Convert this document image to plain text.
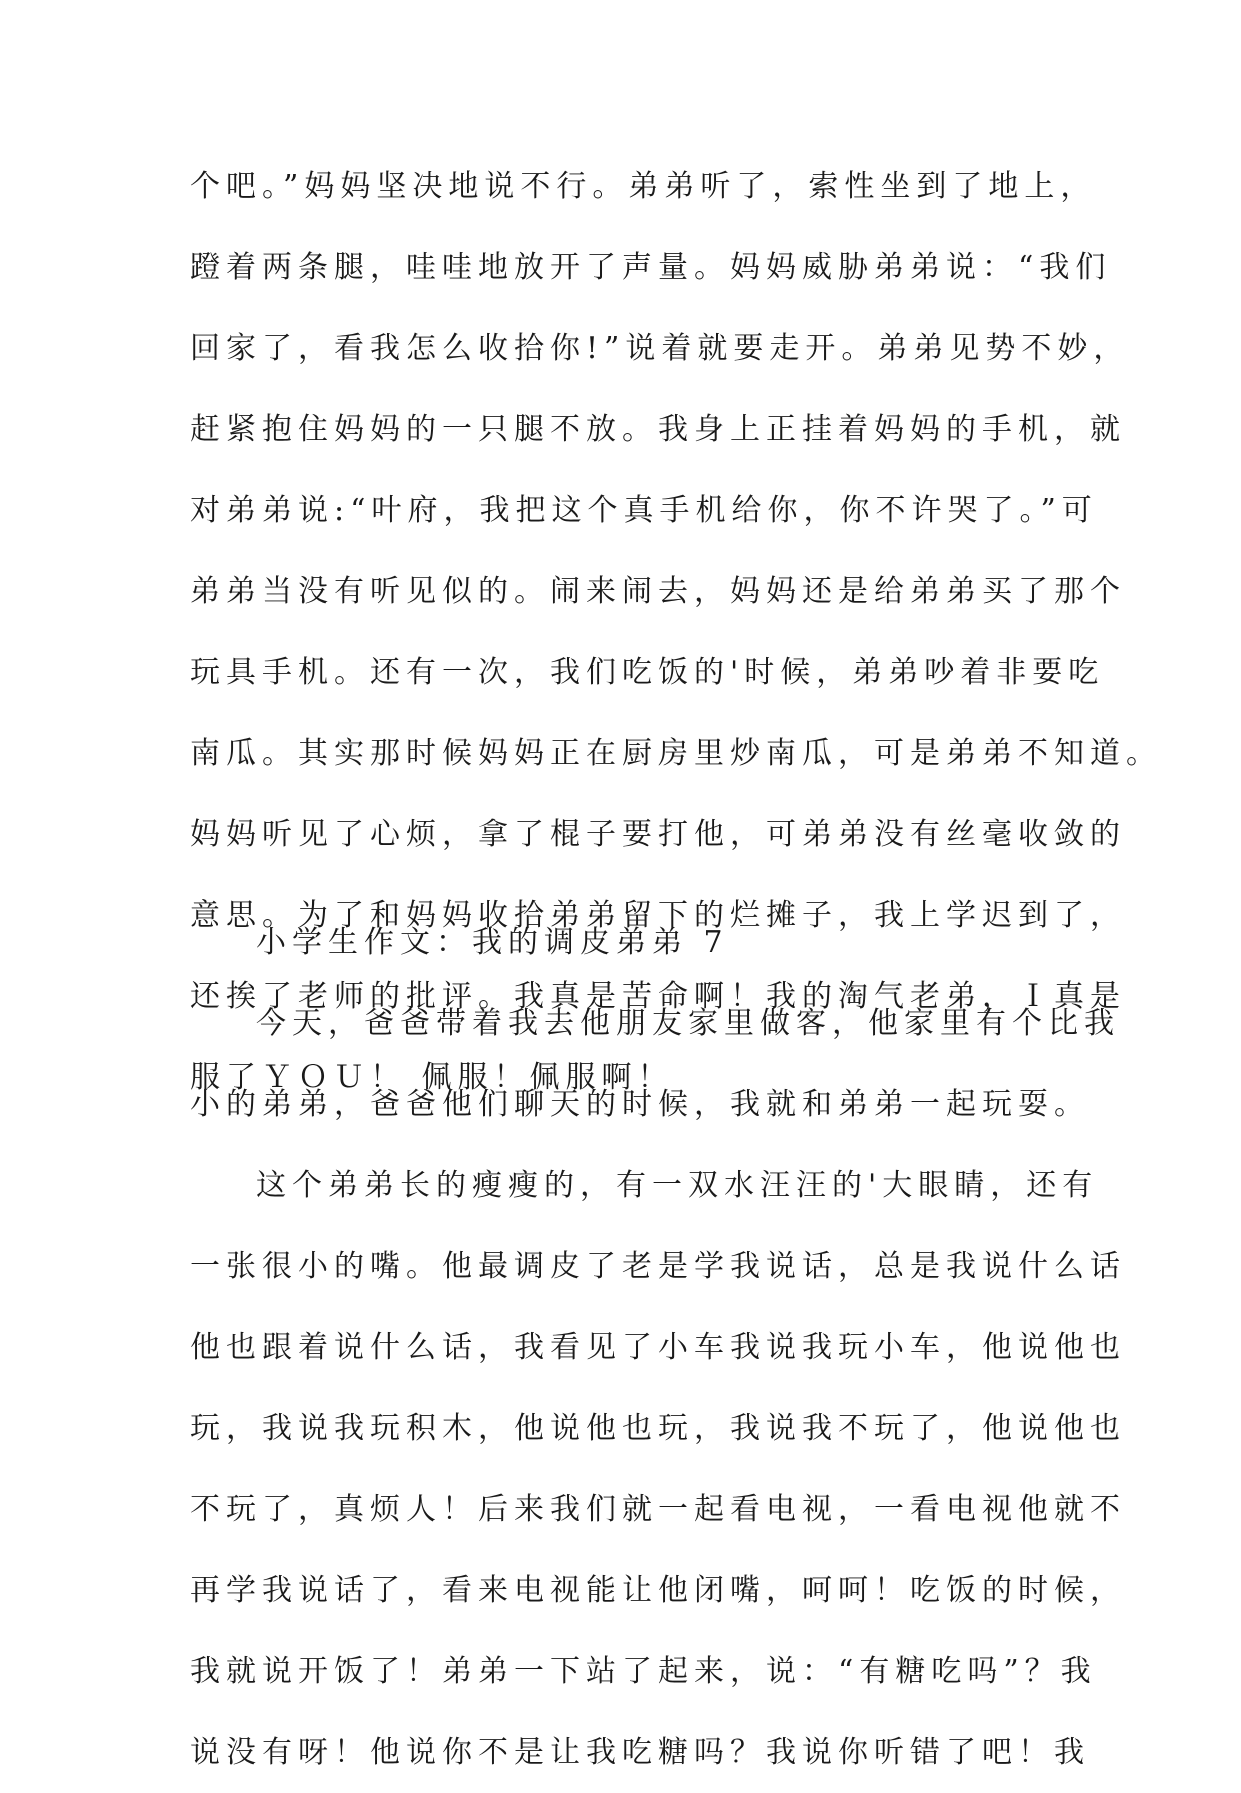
个吧。”妈妈坚决地说不行。弟弟听了，索性坐到了地上，
蹬着两条腿，哇哇地放开了声量。妈妈威胁弟弟说：“我们
回家了，看我怎么收拾你!”说着就要走开。弟弟见势不妙，
赶紧抱住妈妈的一只腿不放。我身上正挂着妈妈的手机，就
对弟弟说:“叶府，我把这个真手机给你，你不许哭了。”可
弟弟当没有听见似的。闹来闹去，妈妈还是给弟弟买了那个
玩具手机。还有一次，我们吃饭的'时候，弟弟吵着非要吃
南瓜。其实那时候妈妈正在厨房里炒南瓜，可是弟弟不知道。
妈妈听见了心烦，拿了棍子要打他，可弟弟没有丝毫收敛的
意思。为了和妈妈收拾弟弟留下的烂摊子，我上学迟到了，
还挨了老师的批评。我真是苦命啊！我的淘气老弟，Ｉ真是
服了ＹＯＵ！ 佩服！佩服啊！
小学生作文：我的调皮弟弟 7
今天，爸爸带着我去他朋友家里做客，他家里有个比我
小的弟弟，爸爸他们聊天的时候，我就和弟弟一起玩耍。
这个弟弟长的瘦瘦的，有一双水汪汪的'大眼睛，还有
一张很小的嘴。他最调皮了老是学我说话，总是我说什么话
他也跟着说什么话，我看见了小车我说我玩小车，他说他也
玩，我说我玩积木，他说他也玩，我说我不玩了，他说他也
不玩了，真烦人！后来我们就一起看电视，一看电视他就不
再学我说话了，看来电视能让他闭嘴，呵呵！吃饭的时候，
我就说开饭了！弟弟一下站了起来，说：“有糖吃吗”？我
说没有呀！他说你不是让我吃糖吗？我说你听错了吧！我
